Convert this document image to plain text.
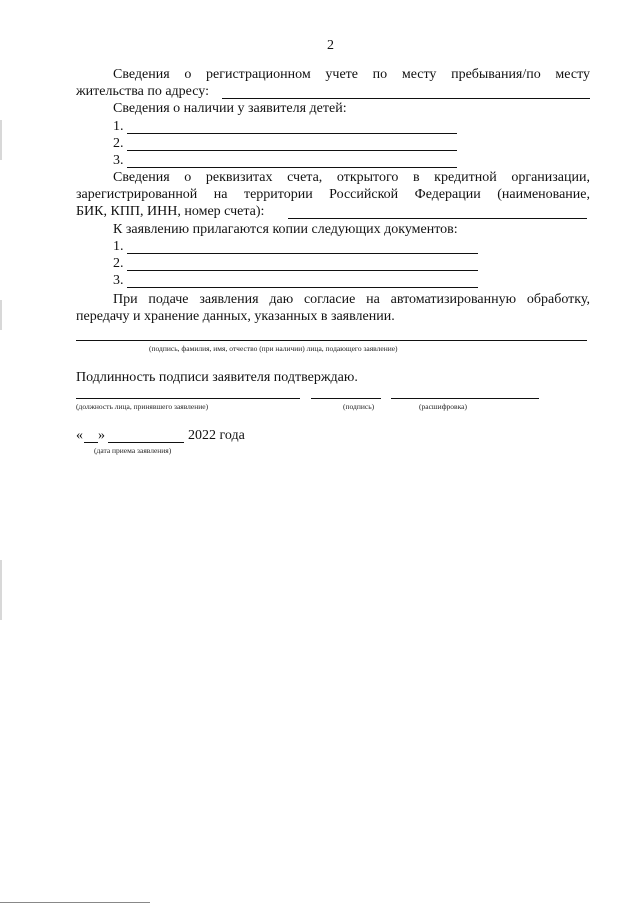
2
Сведения о регистрационном учете по месту пребывания/по месту
жительства по адресу:
Сведения о наличии у заявителя детей:
1.
2.
3.
Сведения о реквизитах счета, открытого в кредитной организации,
зарегистрированной на территории Российской Федерации (наименование,
БИК, КПП, ИНН, номер счета):
К заявлению прилагаются копии следующих документов:
1.
2.
3.
При подаче заявления даю согласие на автоматизированную обработку,
передачу и хранение данных, указанных в заявлении.
(подпись, фамилия, имя, отчество (при наличии) лица, подающего заявление)
Подлинность подписи заявителя подтверждаю.
(должность лица, принявшего заявление)	(подпись)	(расшифровка)
« »	2022 года
(дата приема заявления)
